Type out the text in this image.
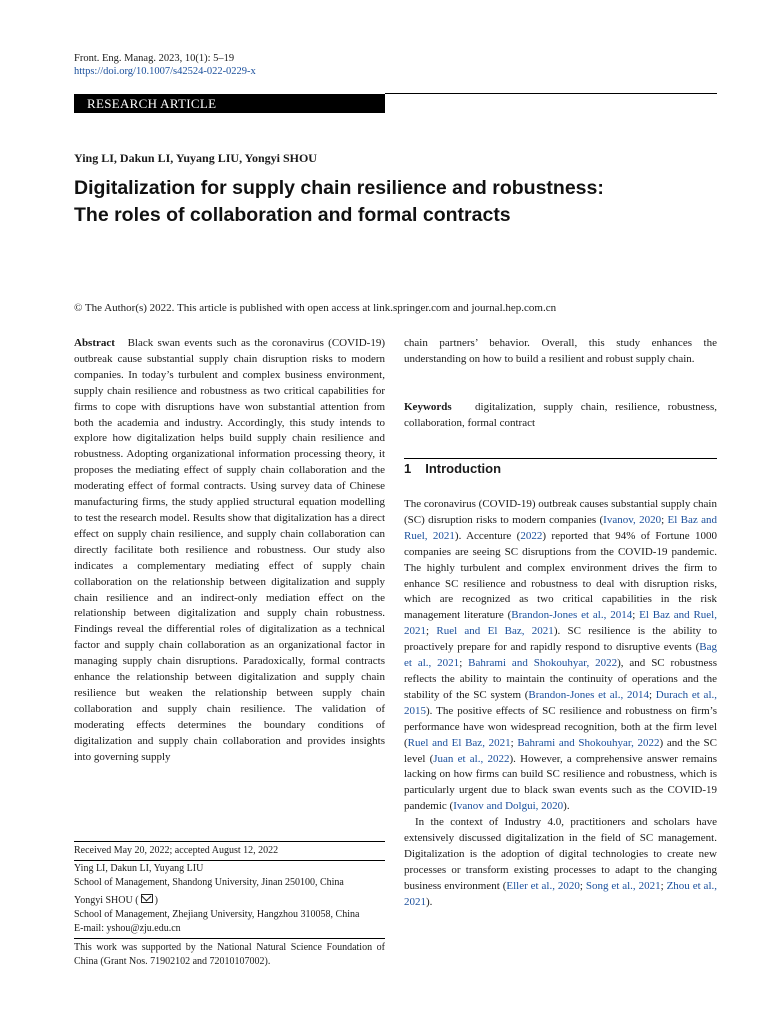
Front. Eng. Manag. 2023, 10(1): 5–19
https://doi.org/10.1007/s42524-022-0229-x
RESEARCH ARTICLE
Ying LI, Dakun LI, Yuyang LIU, Yongyi SHOU
Digitalization for supply chain resilience and robustness:
The roles of collaboration and formal contracts
© The Author(s) 2022. This article is published with open access at link.springer.com and journal.hep.com.cn

Abstract Black swan events such as the coronavirus (COVID-19) outbreak cause substantial supply chain disruption risks to modern companies. In today’s turbulent and complex business environment, supply chain resilience and robustness as two critical capabilities for firms to cope with disruptions have won substantial attention from both the academia and industry. Accordingly, this study intends to explore how digitalization helps build supply chain resilience and robustness. Adopting organizational information processing theory, it proposes the mediating effect of supply chain collaboration and the moderating effect of formal contracts. Using survey data of Chinese manufacturing firms, the study applied structural equation modelling to test the research model. Results show that digitalization has a direct effect on supply chain resilience, and supply chain collaboration can directly facilitate both resilience and robustness. Our study also indicates a complementary mediating effect of supply chain collaboration on the relationship between digitalization and supply chain resilience and an indirect-only mediation effect on the relationship between digitalization and supply chain robustness. Findings reveal the differential roles of digitalization as a technical factor and supply chain collaboration as an organizational factor in managing supply chain disruptions. Paradoxically, formal contracts enhance the relationship between digitalization and supply chain resilience but weaken the relationship between supply chain collaboration and supply chain resilience. The validation of moderating effects determines the boundary conditions of digitalization and supply chain collaboration and provides insights into governing supply

Received May 20, 2022; accepted August 12, 2022

Ying LI, Dakun LI, Yuyang LIU

School of Management, Shandong University, Jinan 250100, China

Yongyi SHOU ( )

School of Management, Zhejiang University, Hangzhou 310058, China

E-mail: yshou@zju.edu.cn

This work was supported by the National Natural Science Foundation of China (Grant Nos. 71902102 and 72010107002).

chain partners’ behavior. Overall, this study enhances the understanding on how to build a resilient and robust supply chain.

Keywords digitalization, supply chain, resilience, robustness, collaboration, formal contract

1 Introduction

The coronavirus (COVID-19) outbreak causes substantial supply chain (SC) disruption risks to modern companies (Ivanov, 2020; El Baz and Ruel, 2021). Accenture (2022) reported that 94% of Fortune 1000 companies are seeing SC disruptions from the COVID-19 pandemic. The highly turbulent and complex environment drives the firm to enhance SC resilience and robustness to deal with disruption risks, which are recognized as two critical capabilities in the risk management literature (Brandon-Jones et al., 2014; El Baz and Ruel, 2021; Ruel and El Baz, 2021). SC resilience is the ability to proactively prepare for and rapidly respond to disruptive events (Bag et al., 2021; Bahrami and Shokouhyar, 2022), and SC robustness reflects the ability to maintain the continuity of operations and the stability of the SC system (Brandon-Jones et al., 2014; Durach et al., 2015). The positive effects of SC resilience and robustness on firm’s performance have won widespread recognition, both at the firm level (Ruel and El Baz, 2021; Bahrami and Shokouhyar, 2022) and the SC level (Juan et al., 2022). However, a comprehensive answer remains lacking on how firms can build SC resilience and robustness, which is particularly urgent due to black swan events such as the COVID-19 pandemic (Ivanov and Dolgui, 2020).

In the context of Industry 4.0, practitioners and scholars have extensively discussed digitalization in the field of SC management. Digitalization is the adoption of digital technologies to create new processes or transform existing processes to adapt to the changing business environment (Eller et al., 2020; Song et al., 2021; Zhou et al., 2021).
